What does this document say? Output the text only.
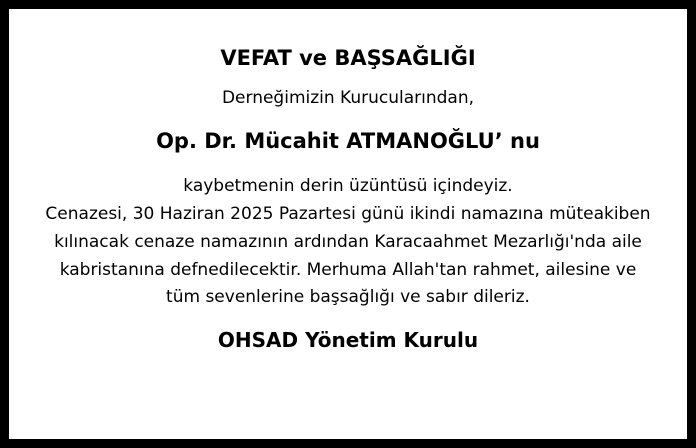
VEFAT ve BAŞSAĞLIĞI
Derneğimizin Kurucularından,
Op. Dr. Mücahit ATMANOĞLU’ nu
kaybetmenin derin üzüntüsü içindeyiz.
Cenazesi, 30 Haziran 2025 Pazartesi günü ikindi namazına müteakiben
kılınacak cenaze namazının ardından Karacaahmet Mezarlığı'nda aile
kabristanına defnedilecektir. Merhuma Allah'tan rahmet, ailesine ve
tüm sevenlerine başsağlığı ve sabır dileriz.
OHSAD Yönetim Kurulu
